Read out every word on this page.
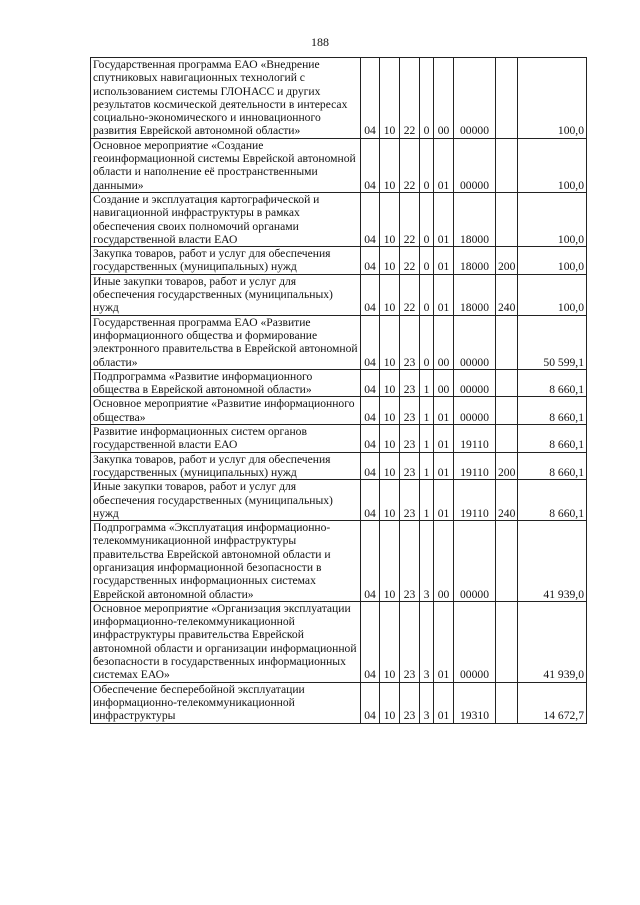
188
Государственная программа ЕАО «Внедрение спутниковых навигационных технологий с использованием системы ГЛОНАСС и других результатов космической деятельности в интересах социально-экономического и инновационного развития Еврейской автономной области»	04	10	22	0	00	00000		100,0
Основное мероприятие «Создание геоинформационной системы Еврейской автономной области и наполнение её пространственными данными»	04	10	22	0	01	00000		100,0
Создание и эксплуатация картографической и навигационной инфраструктуры в рамках обеспечения своих полномочий органами государственной власти ЕАО	04	10	22	0	01	18000		100,0
Закупка товаров, работ и услуг для обеспечения государственных (муниципальных) нужд	04	10	22	0	01	18000	200	100,0
Иные закупки товаров, работ и услуг для обеспечения государственных (муниципальных) нужд	04	10	22	0	01	18000	240	100,0
Государственная программа ЕАО «Развитие информационного общества и формирование электронного правительства в Еврейской автономной области»	04	10	23	0	00	00000		50 599,1
Подпрограмма «Развитие информационного общества в Еврейской автономной области»	04	10	23	1	00	00000		8 660,1
Основное мероприятие «Развитие информационного общества»	04	10	23	1	01	00000		8 660,1
Развитие информационных систем органов государственной власти ЕАО	04	10	23	1	01	19110		8 660,1
Закупка товаров, работ и услуг для обеспечения государственных (муниципальных) нужд	04	10	23	1	01	19110	200	8 660,1
Иные закупки товаров, работ и услуг для обеспечения государственных (муниципальных) нужд	04	10	23	1	01	19110	240	8 660,1
Подпрограмма «Эксплуатация информационно-телекоммуникационной инфраструктуры правительства Еврейской автономной области и организация информационной безопасности в государственных информационных системах Еврейской автономной области»	04	10	23	3	00	00000		41 939,0
Основное мероприятие «Организация эксплуатации информационно-телекоммуникационной инфраструктуры правительства Еврейской автономной области и организации информационной безопасности в государственных информационных системах ЕАО»	04	10	23	3	01	00000		41 939,0
Обеспечение бесперебойной эксплуатации информационно-телекоммуникационной инфраструктуры	04	10	23	3	01	19310		14 672,7
